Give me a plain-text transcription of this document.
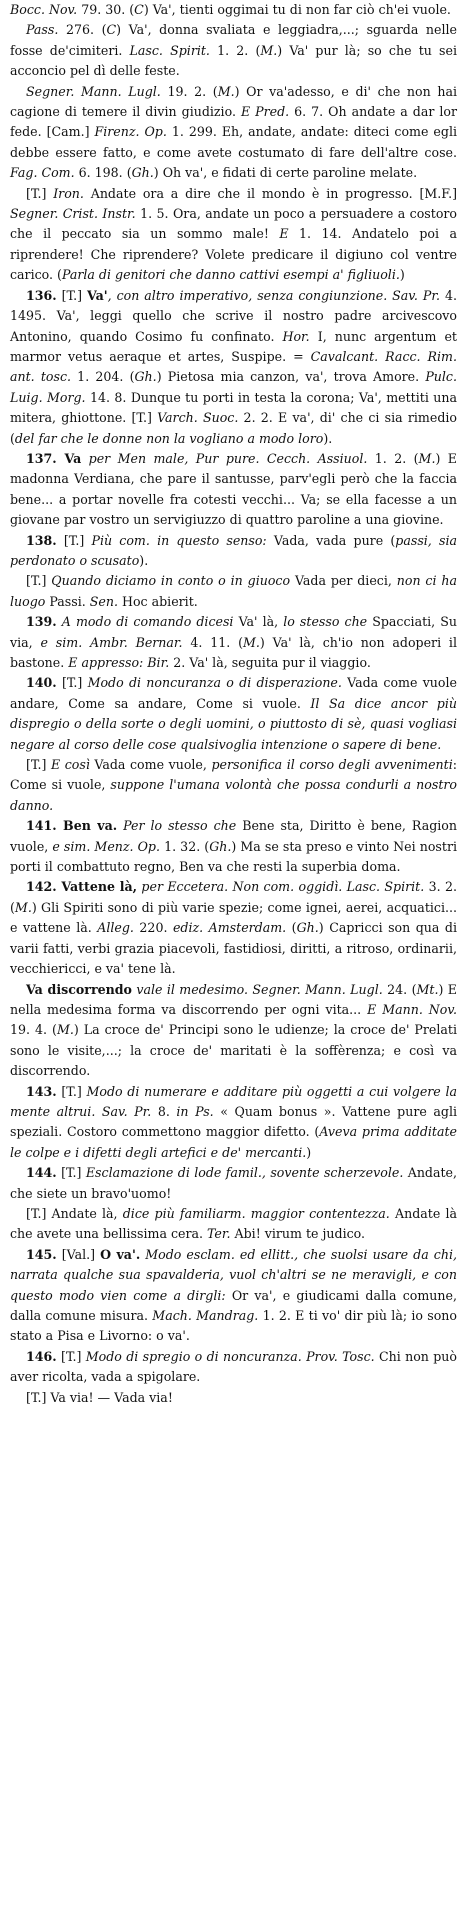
Bocc. Nov. 79. 30. (C) Va', tienti oggimai tu di non far ciò ch'ei vuole.

Pass. 276. (C) Va', donna svaliata e leggiadra,...; sguarda nelle fosse de'cimiteri. Lasc. Spirit. 1. 2. (M.) Va' pur là; so che tu sei acconcio pel dì delle feste.

Segner. Mann. Lugl. 19. 2. (M.) Or va'adesso, e di' che non hai cagione di temere il divin giudizio. E Pred. 6. 7. Oh andate a dar lor fede. [Cam.] Firenz. Op. 1. 299. Eh, andate, andate: diteci come egli debbe essere fatto, e come avete costumato di fare dell'altre cose. Fag. Com. 6. 198. (Gh.) Oh va', e fidati di certe paroline melate.

[T.] Iron. Andate ora a dire che il mondo è in progresso. [M.F.] Segner. Crist. Instr. 1. 5. Ora, andate un poco a persuadere a costoro che il peccato sia un sommo male! E 1. 14. Andatelo poi a riprendere! Che riprendere? Volete predicare il digiuno col ventre carico. (Parla di genitori che danno cattivi esempi a' figliuoli.)

136. [T.] Va', con altro imperativo, senza congiunzione. Sav. Pr. 4. 1495. Va', leggi quello che scrive il nostro padre arcivescovo Antonino, quando Cosimo fu confinato. Hor. I, nunc argentum et marmor vetus aeraque et artes, Suspipe. = Cavalcant. Racc. Rim. ant. tosc. 1. 204. (Gh.) Pietosa mia canzon, va', trova Amore. Pulc. Luig. Morg. 14. 8. Dunque tu porti in testa la corona; Va', mettiti una mitera, ghiottone. [T.] Varch. Suoc. 2. 2. E va', di' che ci sia rimedio (del far che le donne non la vogliano a modo loro).

137. Va per Men male, Pur pure. Cecch. Assiuol. 1. 2. (M.) E madonna Verdiana, che pare il santusse, parv'egli però che la faccia bene... a portar novelle fra cotesti vecchi... Va; se ella facesse a un giovane par vostro un servigiuzzo di quattro paroline a una giovine.

138. [T.] Più com. in questo senso: Vada, vada pure (passi, sia perdonato o scusato).

[T.] Quando diciamo in conto o in giuoco Vada per dieci, non ci ha luogo Passi. Sen. Hoc abierit.

139. A modo di comando dicesi Va' là, lo stesso che Spacciati, Su via, e sim. Ambr. Bernar. 4. 11. (M.) Va' là, ch'io non adoperi il bastone. E appresso: Bir. 2. Va' là, seguita pur il viaggio.

140. [T.] Modo di noncuranza o di disperazione. Vada come vuole andare, Come sa andare, Come si vuole. Il Sa dice ancor più dispregio o della sorte o degli uomini, o piuttosto di sè, quasi vogliasi negare al corso delle cose qualsivoglia intenzione o sapere di bene.

[T.] E così Vada come vuole, personifica il corso degli avvenimenti: Come si vuole, suppone l'umana volontà che possa condurli a nostro danno.

141. Ben va. Per lo stesso che Bene sta, Diritto è bene, Ragion vuole, e sim. Menz. Op. 1. 32. (Gh.) Ma se sta preso e vinto Nei nostri porti il combattuto regno, Ben va che resti la superbia doma.

142. Vattene là, per Eccetera. Non com. oggidì. Lasc. Spirit. 3. 2. (M.) Gli Spiriti sono di più varie spezie; come ignei, aerei, acquatici... e vattene là. Alleg. 220. ediz. Amsterdam. (Gh.) Capricci son qua di varii fatti, verbi grazia piacevoli, fastidiosi, diritti, a ritroso, ordinarii, vecchiericci, e va' tene là.

Va discorrendo vale il medesimo. Segner. Mann. Lugl. 24. (Mt.) E nella medesima forma va discorrendo per ogni vita... E Mann. Nov. 19. 4. (M.) La croce de' Principi sono le udienze; la croce de' Prelati sono le visite,...; la croce de' maritati è la soffèrenza; e così va discorrendo.

143. [T.] Modo di numerare e additare più oggetti a cui volgere la mente altrui. Sav. Pr. 8. in Ps. « Quam bonus ». Vattene pure agli speziali. Costoro commettono maggior difetto. (Aveva prima additate le colpe e i difetti degli artefici e de' mercanti.)

144. [T.] Esclamazione di lode famil., sovente scherzevole. Andate, che siete un bravo'uomo!

[T.] Andate là, dice più familiarm. maggior contentezza. Andate là che avete una bellissima cera. Ter. Abi! virum te judico.

145. [Val.] O va'. Modo esclam. ed ellitt., che suolsi usare da chi, narrata qualche sua spavalderia, vuol ch'altri se ne meravigli, e con questo modo vien come a dirgli: Or va', e giudicami dalla comune, dalla comune misura. Mach. Mandrag. 1. 2. E ti vo' dir più là; io sono stato a Pisa e Livorno: o va'.

146. [T.] Modo di spregio o di noncuranza. Prov. Tosc. Chi non può aver ricolta, vada a spigolare.

[T.] Va via! — Vada via!
